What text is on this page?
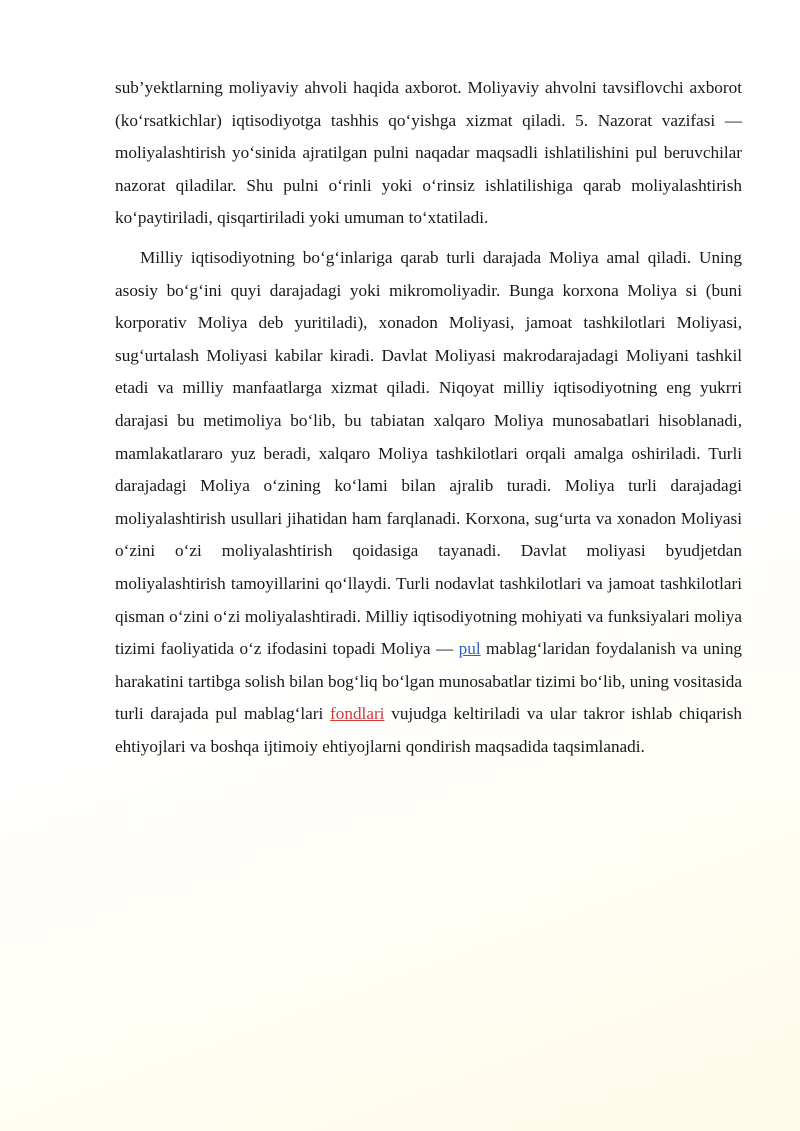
sub’yektlarning moliyaviy ahvoli haqida axborot. Moliyaviy ahvolni tavsiflovchi axborot (koʻrsatkichlar) iqtisodiyotga tashhis qoʻyishga xizmat qiladi. 5. Nazorat vazifasi — moliyalashtirish yoʻsinida ajratilgan pulni naqadar maqsadli ishlatilishini pul beruvchilar nazorat qiladilar. Shu pulni oʻrinli yoki oʻrinsiz ishlatilishiga qarab moliyalashtirish koʻpaytiriladi, qisqartiriladi yoki umuman toʻxtatiladi.

Milliy iqtisodiyotning boʻgʻinlariga qarab turli darajada Moliya amal qiladi. Uning asosiy boʻgʻini quyi darajadagi yoki mikromoliyadir. Bunga korxona Moliya si (buni korporativ Moliya deb yuritiladi), xonadon Moliyasi, jamoat tashkilotlari Moliyasi, sugʻurtalash Moliyasi kabilar kiradi. Davlat Moliyasi makrodarajadagi Moliyani tashkil etadi va milliy manfaatlarga xizmat qiladi. Niqoyat milliy iqtisodiyotning eng yukrri darajasi bu metimoliya boʻlib, bu tabiatan xalqaro Moliya munosabatlari hisoblanadi, mamlakatlararo yuz beradi, xalqaro Moliya tashkilotlari orqali amalga oshiriladi. Turli darajadagi Moliya oʻzining koʻlami bilan ajralib turadi. Moliya turli darajadagi moliyalashtirish usullari jihatidan ham farqlanadi. Korxona, sugʻurta va xonadon Moliyasi oʻzini oʻzi moliyalashtirish qoidasiga tayanadi. Davlat moliyasi byudjetdan moliyalashtirish tamoyillarini qoʻllaydi. Turli nodavlat tashkilotlari va jamoat tashkilotlari qisman oʻzini oʻzi moliyalashtiradi. Milliy iqtisodiyotning mohiyati va funksiyalari moliya tizimi faoliyatida oʻz ifodasini topadi Moliya — pul mablagʻlaridan foydalanish va uning harakatini tartibga solish bilan bogʻliq boʻlgan munosabatlar tizimi boʻlib, uning vositasida turli darajada pul mablagʻlari fondlari vujudga keltiriladi va ular takror ishlab chiqarish ehtiyojlari va boshqa ijtimoiy ehtiyojlarni qondirish maqsadida taqsimlanadi.
